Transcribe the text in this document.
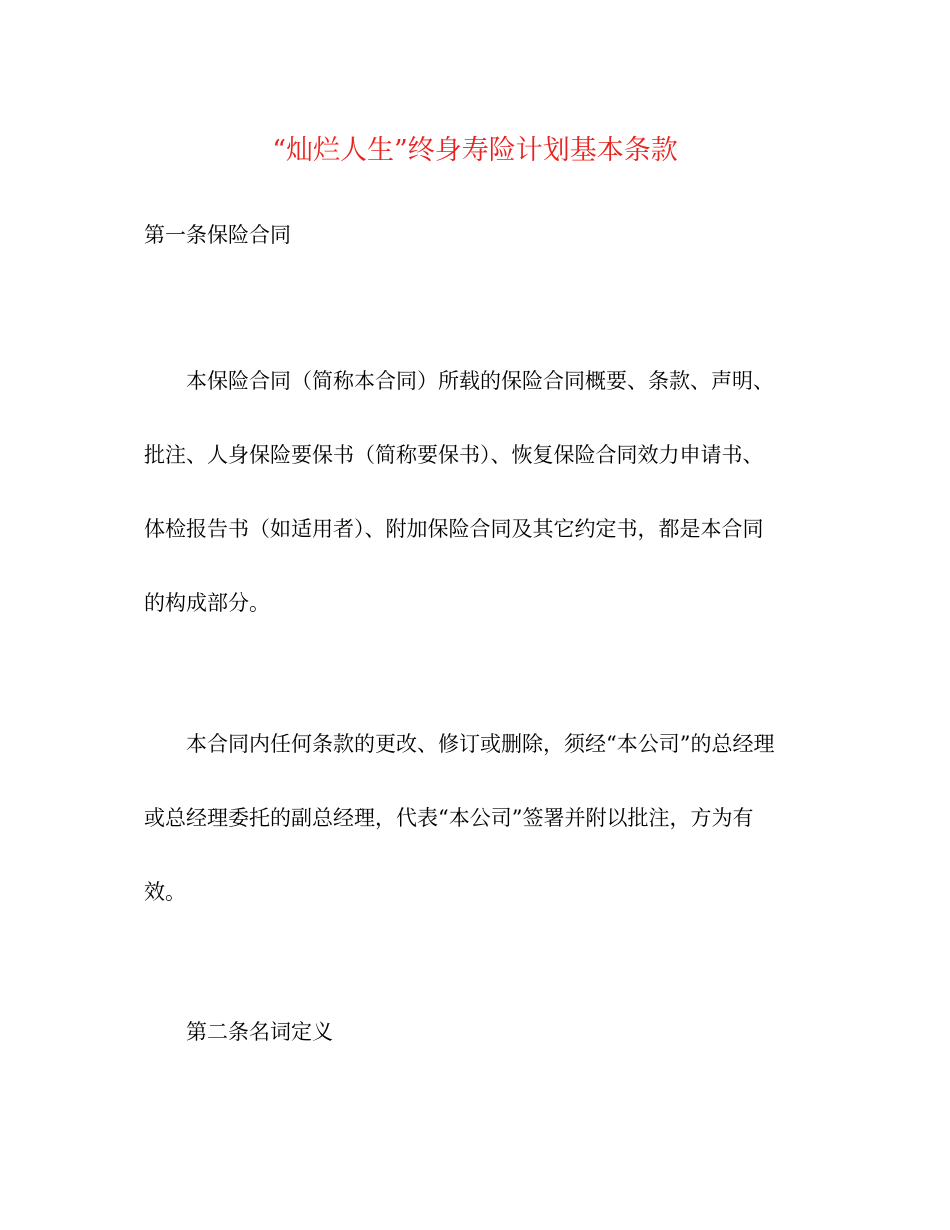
“灿烂人生”终身寿险计划基本条款
第一条保险合同
本保险合同（简称本合同）所载的保险合同概要、条款、声明、
批注、人身保险要保书（简称要保书）、恢复保险合同效力申请书、
体检报告书（如适用者）、附加保险合同及其它约定书，都是本合同
的构成部分。
本合同内任何条款的更改、修订或删除，须经“本公司”的总经理
或总经理委托的副总经理，代表“本公司”签署并附以批注，方为有
效。
第二条名词定义
